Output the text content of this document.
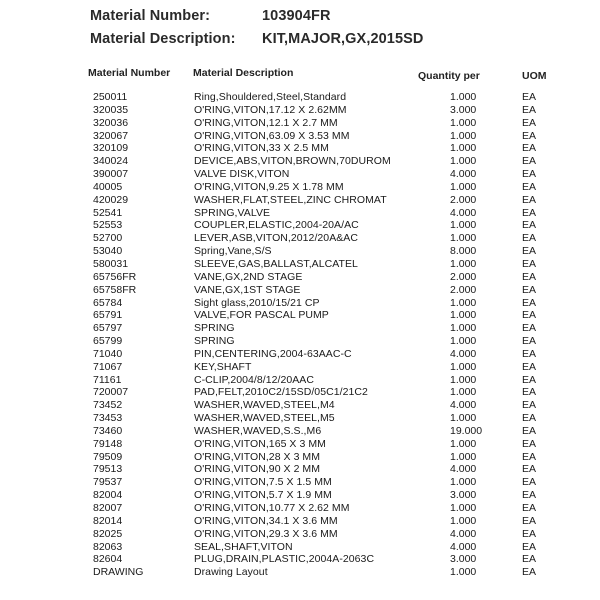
Material Number:	103904FR
Material Description: KIT,MAJOR,GX,2015SD
Material Number Material Description	Quantity per	UOM
250011	Ring,Shouldered,Steel,Standard	1.000	EA
320035	O'RING,VITON,17.12 X 2.62MM	3.000	EA
320036	O'RING,VITON,12.1 X 2.7 MM	1.000	EA
320067	O'RING,VITON,63.09 X 3.53 MM	1.000	EA
320109	O'RING,VITON,33 X 2.5 MM	1.000	EA
340024	DEVICE,ABS,VITON,BROWN,70DUROM	1.000	EA
390007	VALVE DISK,VITON	4.000	EA
40005	O'RING,VITON,9.25 X 1.78 MM	1.000	EA
420029	WASHER,FLAT,STEEL,ZINC CHROMAT	2.000	EA
52541	SPRING,VALVE	4.000	EA
52553	COUPLER,ELASTIC,2004-20A/AC	1.000	EA
52700	LEVER,ASB,VITON,2012/20A&AC	1.000	EA
53040	Spring,Vane,S/S	8.000	EA
580031	SLEEVE,GAS,BALLAST,ALCATEL	1.000	EA
65756FR	VANE,GX,2ND STAGE	2.000	EA
65758FR	VANE,GX,1ST STAGE	2.000	EA
65784	Sight glass,2010/15/21 CP	1.000	EA
65791	VALVE,FOR PASCAL PUMP	1.000	EA
65797	SPRING	1.000	EA
65799	SPRING	1.000	EA
71040	PIN,CENTERING,2004-63AAC-C	4.000	EA
71067	KEY,SHAFT	1.000	EA
71161	C-CLIP,2004/8/12/20AAC	1.000	EA
720007	PAD,FELT,2010C2/15SD/05C1/21C2	1.000	EA
73452	WASHER,WAVED,STEEL,M4	4.000	EA
73453	WASHER,WAVED,STEEL,M5	1.000	EA
73460	WASHER,WAVED,S.S.,M6	19.000	EA
79148	O'RING,VITON,165 X 3 MM	1.000	EA
79509	O'RING,VITON,28 X 3 MM	1.000	EA
79513	O'RING,VITON,90 X 2 MM	4.000	EA
79537	O'RING,VITON,7.5 X 1.5 MM	1.000	EA
82004	O'RING,VITON,5.7 X 1.9 MM	3.000	EA
82007	O'RING,VITON,10.77 X 2.62 MM	1.000	EA
82014	O'RING,VITON,34.1 X 3.6 MM	1.000	EA
82025	O'RING,VITON,29.3 X 3.6 MM	4.000	EA
82063	SEAL,SHAFT,VITON	4.000	EA
82604	PLUG,DRAIN,PLASTIC,2004A-2063C	3.000	EA
DRAWING	Drawing Layout	1.000	EA
